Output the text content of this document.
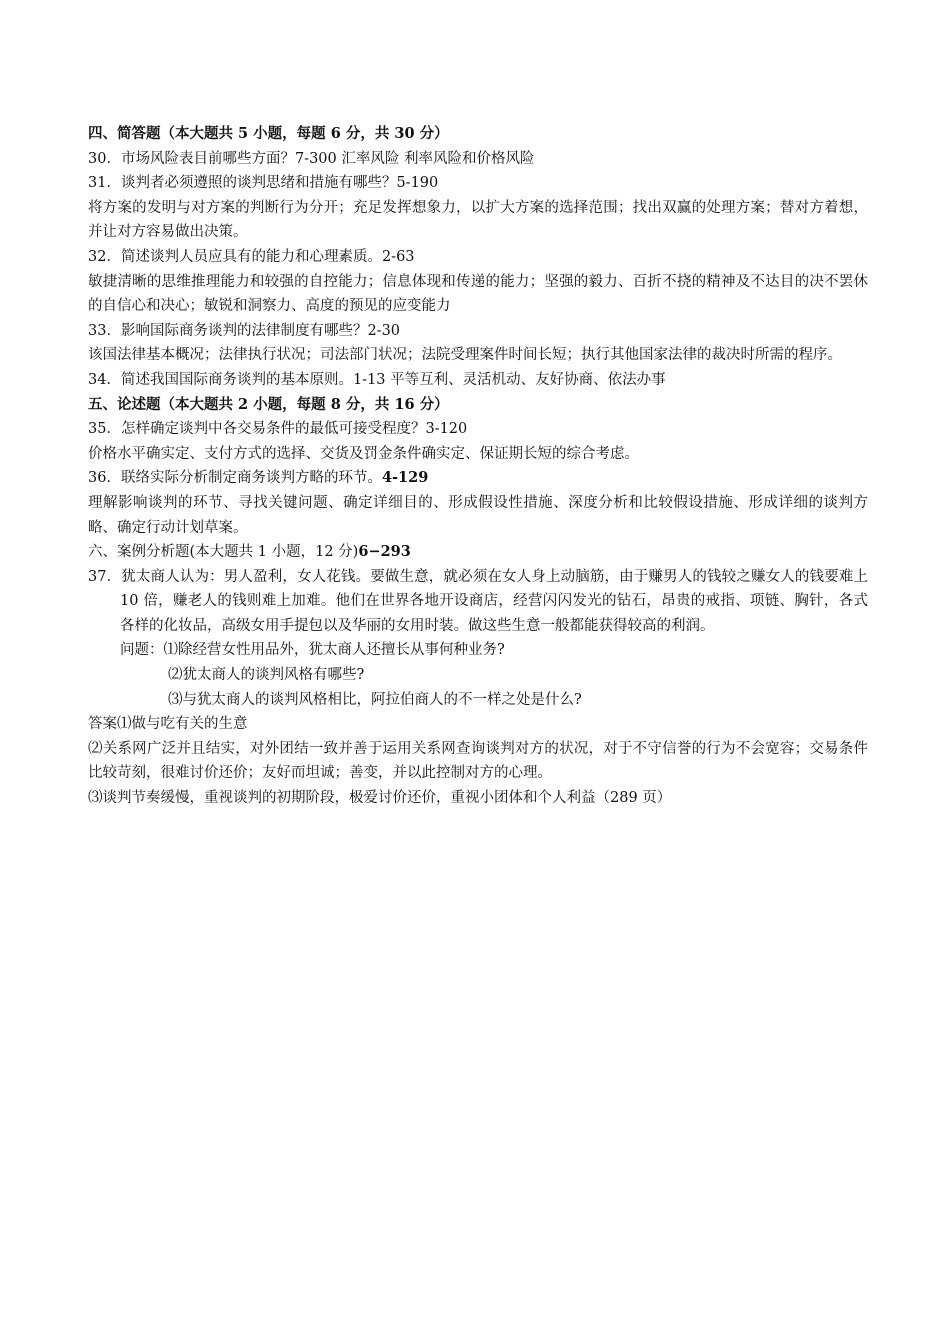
四、简答题（本大题共 5 小题，每题 6 分，共 30 分）
30．市场风险表目前哪些方面？7-300 汇率风险 利率风险和价格风险
31．谈判者必须遵照的谈判思绪和措施有哪些？5-190
将方案的发明与对方案的判断行为分开；充足发挥想象力，以扩大方案的选择范围；找出双赢的处理方案；替对方着想，并让对方容易做出决策。
32．简述谈判人员应具有的能力和心理素质。2-63
敏捷清晰的思维推理能力和较强的自控能力；信息体现和传递的能力；坚强的毅力、百折不挠的精神及不达目的决不罢休的自信心和决心；敏锐和洞察力、高度的预见的应变能力
33．影响国际商务谈判的法律制度有哪些？2-30
该国法律基本概况；法律执行状况；司法部门状况；法院受理案件时间长短；执行其他国家法律的裁决时所需的程序。
34．简述我国国际商务谈判的基本原则。1-13 平等互利、灵活机动、友好协商、依法办事
五、论述题（本大题共 2 小题，每题 8 分，共 16 分）
35．怎样确定谈判中各交易条件的最低可接受程度？3-120
价格水平确实定、支付方式的选择、交货及罚金条件确实定、保证期长短的综合考虑。
36．联络实际分析制定商务谈判方略的环节。4-129
理解影响谈判的环节、寻找关键问题、确定详细目的、形成假设性措施、深度分析和比较假设措施、形成详细的谈判方略、确定行动计划草案。
六、案例分析题(本大题共 1 小题，12 分)6−293
37．犹太商人认为：男人盈利，女人花钱。要做生意，就必须在女人身上动脑筋，由于赚男人的钱较之赚女人的钱要难上 10 倍，赚老人的钱则难上加难。他们在世界各地开设商店，经营闪闪发光的钻石，昂贵的戒指、项链、胸针，各式各样的化妆品，高级女用手提包以及华丽的女用时装。做这些生意一般都能获得较高的利润。
问题：⑴除经营女性用品外，犹太商人还擅长从事何种业务?
⑵犹太商人的谈判风格有哪些?
⑶与犹太商人的谈判风格相比，阿拉伯商人的不一样之处是什么?
答案⑴做与吃有关的生意
⑵关系网广泛并且结实，对外团结一致并善于运用关系网查询谈判对方的状况，对于不守信誉的行为不会宽容；交易条件比较苛刻，很难讨价还价；友好而坦诚；善变，并以此控制对方的心理。
⑶谈判节奏缓慢，重视谈判的初期阶段，极爱讨价还价，重视小团体和个人利益（289 页）
